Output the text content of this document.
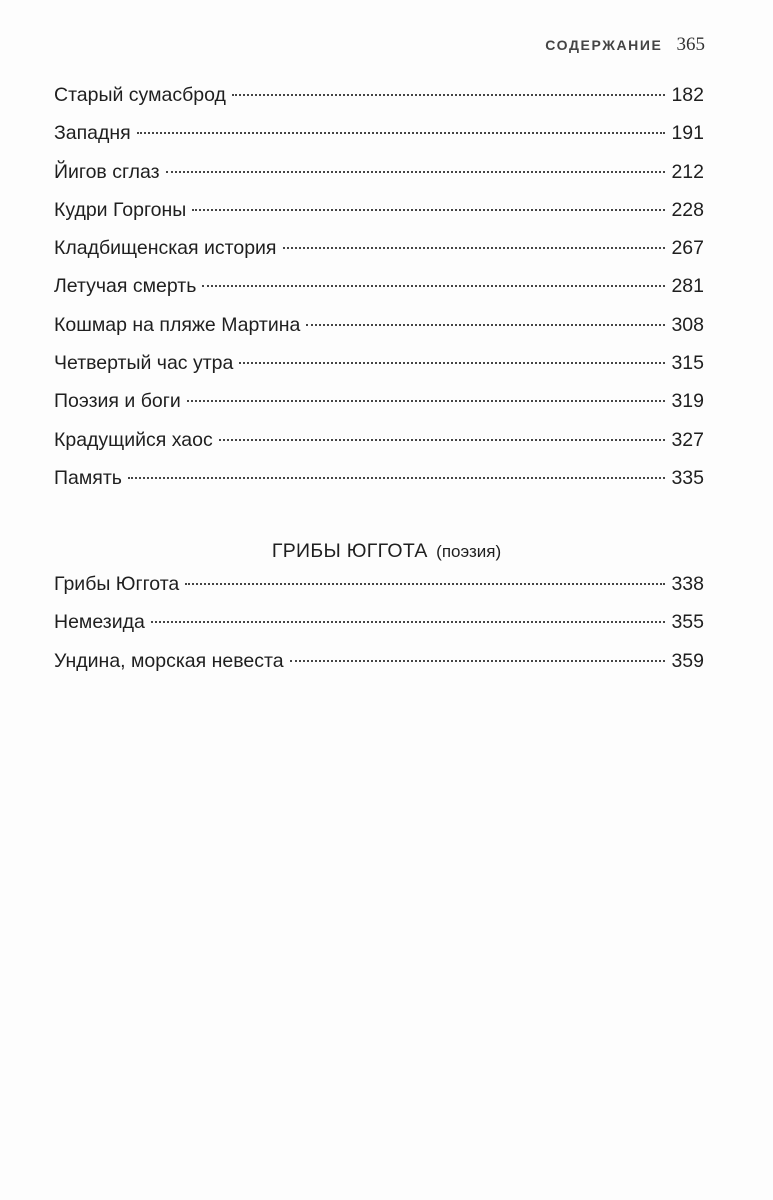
СОДЕРЖАНИЕ 365
Старый сумасброд	182
Западня	191
Йигов сглаз	212
Кудри Горгоны	228
Кладбищенская история	267
Летучая смерть	281
Кошмар на пляже Мартина	308
Четвертый час утра	315
Поэзия и боги	319
Крадущийся хаос	327
Память	335
ГРИБЫ ЮГГОТА (поэзия)
Грибы Юггота	338
Немезида	355
Ундина, морская невеста	359
